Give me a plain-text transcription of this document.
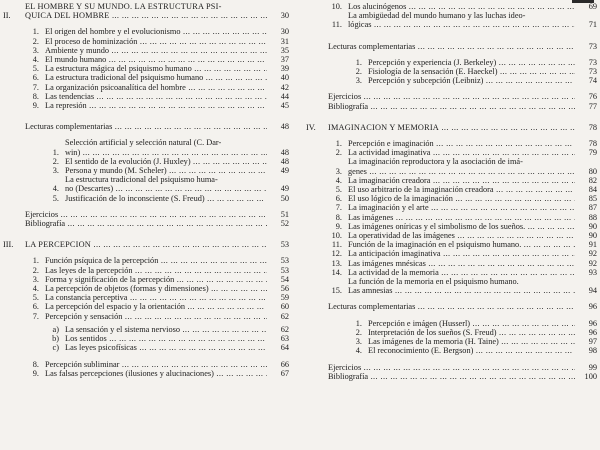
II.
EL HOMBRE Y SU MUNDO. LA ESTRUCTURA PSI-
QUICA DEL HOMBRE ... .	30
1. El origen del hombre y el evolucionismo ... .	30
2. El proceso de hominización ... .	31
3. Ambiente y mundo ... .	35
4. El mundo humano ... .	37
5. La estructura mágica del psiquismo humano ... .	39
6. La estructura tradicional del psiquismo humano ... .	40
7. La organización psicoanalítica del hombre ... .	42
8. Las tendencias ... .	44
9. La represión ... .	45
Lecturas complementarias ... .	48
1.
Selección artificial y selección natural (C. Dar-
win) ... .	48
2. El sentido de la evolución (J. Huxley) ... .	48
3. Persona y mundo (M. Scheler) ... .	49
4.
La estructura tradicional del psiquismo huma-
no (Descartes) ... .	49
5. Justificación de lo inconsciente (S. Freud) ... .	50
Ejercicios ... .	51
Bibliografía ... .	52
III.	LA PERCEPCION ... .	53
1. Función psíquica de la percepción ... .	53
2. Las leyes de la percepción ... .	53
3. Forma y significación de la percepción ... .	54
4. La percepción de objetos (formas y dimensiones) ... .	56
5. La constancia perceptiva ... .	59
6. La percepción del espacio y la orientación ... .	60
7. Percepción y sensación ... .	62
a) La sensación y el sistema nervioso ... .	62
b) Los sentidos ... .	63
c) Las leyes psicofísicas ... .	64
8. Percepción subliminar ... .	66
9. Las falsas percepciones (ilusiones y alucinaciones) ... .	67
10. Los alucinógenos ... .	69
11.
La ambigüedad del mundo humano y las luchas ideo-
lógicas ... .	71
Lecturas complementarias ... .	73
1. Percepción y experiencia (J. Berkeley) ... .	73
2. Fisiología de la sensación (E. Haeckel) ... .	73
3. Percepción y subcepción (Leibniz) ... .	74
Ejercicios ... .	76
Bibliografía ... .	77
IV.	IMAGINACION Y MEMORIA ... .	78
1. Percepción e imaginación ... .	78
2. La actividad imaginativa ... .	79
3.
La imaginación reproductora y la asociación de imá-
genes ... .	80
4. La imaginación creadora ... .	82
5. El uso arbitrario de la imaginación creadora ... .	84
6. El uso lógico de la imaginación ... .	85
7. La imaginación y el arte ... .	87
8. Las imágenes ... .	88
9. Las imágenes oníricas y el simbolismo de los sueños. ... .	90
10. La operatividad de las imágenes ... .	90
11. Función de la imaginación en el psiquismo humano. ... .	91
12. La anticipación imaginativa ... .	92
13. Las imágenes mnésicas ... .	92
14. La actividad de la memoria ... .	93
15.
La función de la memoria en el psiquismo humano.
Las amnesias ... .	94
Lecturas complementarias ... .	96
1. Percepción e imágen (Husserl) ... .	96
2. Interpretación de los sueños (S. Freud) ... .	96
3. Las imágenes de la memoria (H. Taine) ... .	97
4. El reconocimiento (E. Bergson) ... .	98
Ejercicios ... .	99
Bibliografía ... .	100
